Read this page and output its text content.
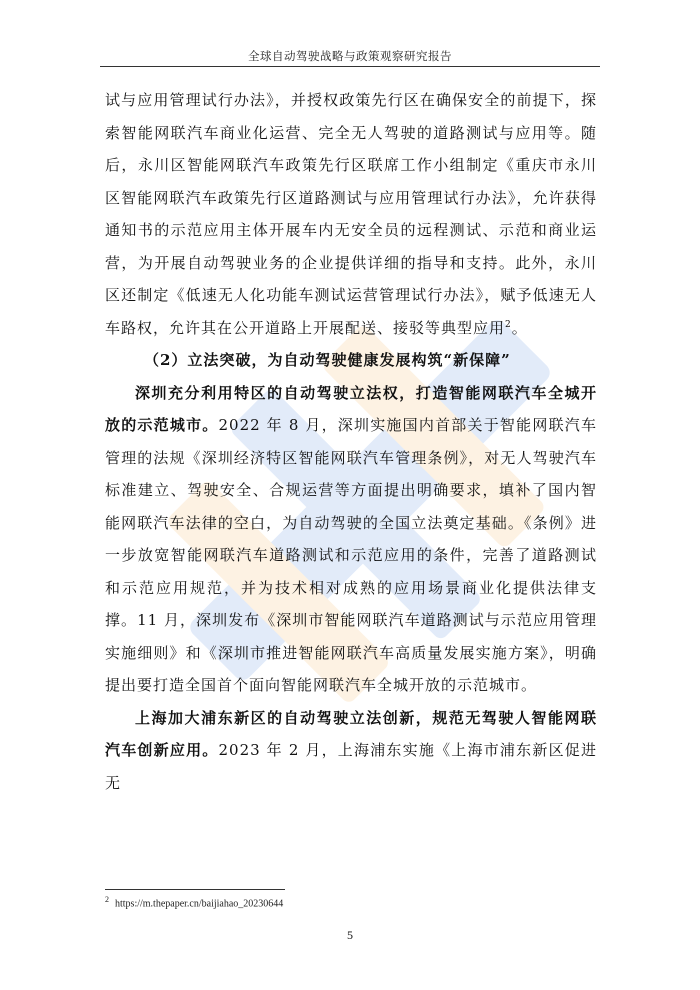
全球自动驾驶战略与政策观察研究报告

试与应用管理试行办法》，并授权政策先行区在确保安全的前提下，探索智能网联汽车商业化运营、完全无人驾驶的道路测试与应用等。随后，永川区智能网联汽车政策先行区联席工作小组制定《重庆市永川区智能网联汽车政策先行区道路测试与应用管理试行办法》，允许获得通知书的示范应用主体开展车内无安全员的远程测试、示范和商业运营，为开展自动驾驶业务的企业提供详细的指导和支持。此外，永川区还制定《低速无人化功能车测试运营管理试行办法》，赋予低速无人车路权，允许其在公开道路上开展配送、接驳等典型应用$^2$。

（2）立法突破，为自动驾驶健康发展构筑“新保障”

深圳充分利用特区的自动驾驶立法权，打造智能网联汽车全城开放的示范城市。2022 年 8 月，深圳实施国内首部关于智能网联汽车管理的法规《深圳经济特区智能网联汽车管理条例》，对无人驾驶汽车标准建立、驾驶安全、合规运营等方面提出明确要求，填补了国内智能网联汽车法律的空白，为自动驾驶的全国立法奠定基础。《条例》进一步放宽智能网联汽车道路测试和示范应用的条件，完善了道路测试和示范应用规范，并为技术相对成熟的应用场景商业化提供法律支撑。11 月，深圳发布《深圳市智能网联汽车道路测试与示范应用管理实施细则》和《深圳市推进智能网联汽车高质量发展实施方案》，明确提出要打造全国首个面向智能网联汽车全城开放的示范城市。

上海加大浦东新区的自动驾驶立法创新，规范无驾驶人智能网联汽车创新应用。2023 年 2 月，上海浦东实施《上海市浦东新区促进无

$^2$ https://m.thepaper.cn/baijiahao_20230644
5
